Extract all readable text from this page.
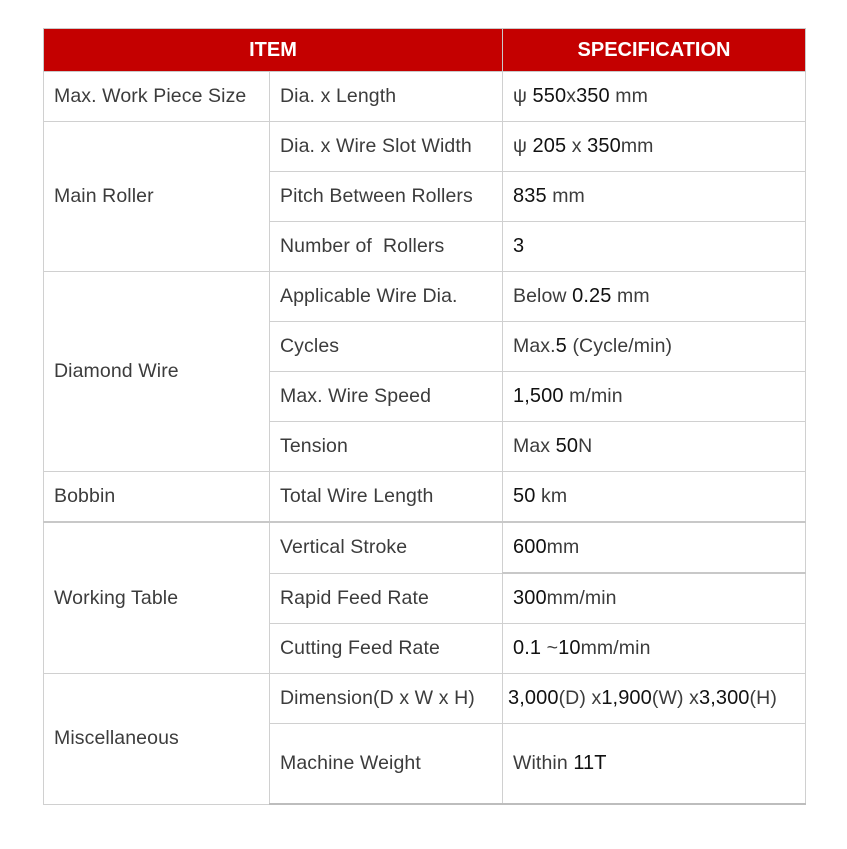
ITEM		SPECIFICATION
Max. Work Piece Size	Dia. x Length	ψ 550x350 mm
Main Roller	Dia. x Wire Slot Width	ψ 205 x 350mm
	Pitch Between Rollers	835 mm
	Number of  Rollers	3
Diamond Wire	Applicable Wire Dia.	Below 0.25 mm
	Cycles	Max.5 (Cycle/min)
	Max. Wire Speed	1,500 m/min
	Tension	Max 50N
Bobbin	Total Wire Length	50 km
Working Table	Vertical Stroke	600mm
	Rapid Feed Rate	300mm/min
	Cutting Feed Rate	0.1 ~10mm/min
Miscellaneous	Dimension(D x W x H)	3,000(D) x1,900(W) x3,300(H)
	Machine Weight	Within 11T
